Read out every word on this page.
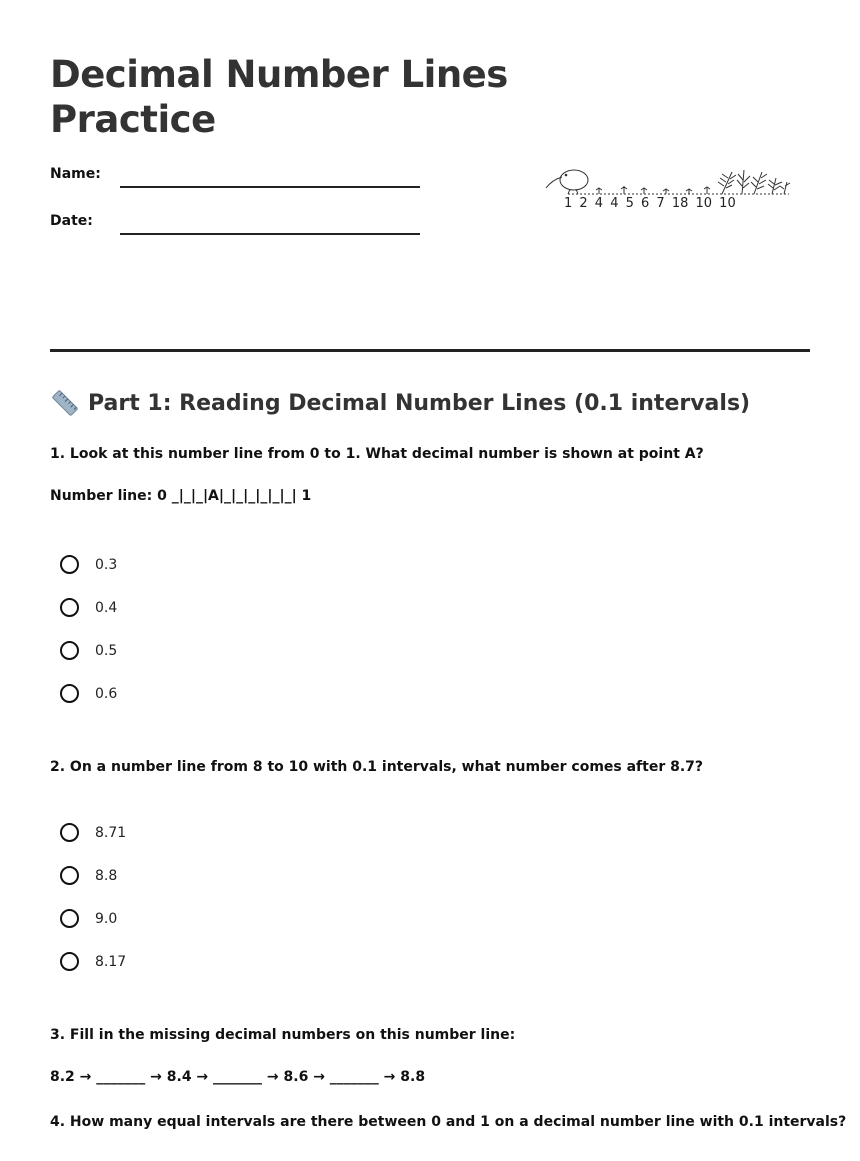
Decimal Number Lines
Practice
Name:
Date:
1 2 4 4 5 6 7 18 10 10
Part 1: Reading Decimal Number Lines (0.1 intervals)
1. Look at this number line from 0 to 1. What decimal number is shown at point A?
Number line: 0 _|_|_|A|_|_|_|_|_|_| 1
0.3
0.4
0.5
0.6
2. On a number line from 8 to 10 with 0.1 intervals, what number comes after 8.7?
8.71
8.8
9.0
8.17
3. Fill in the missing decimal numbers on this number line:
8.2 → _______ → 8.4 → _______ → 8.6 → _______ → 8.8
4. How many equal intervals are there between 0 and 1 on a decimal number line with 0.1 intervals?
